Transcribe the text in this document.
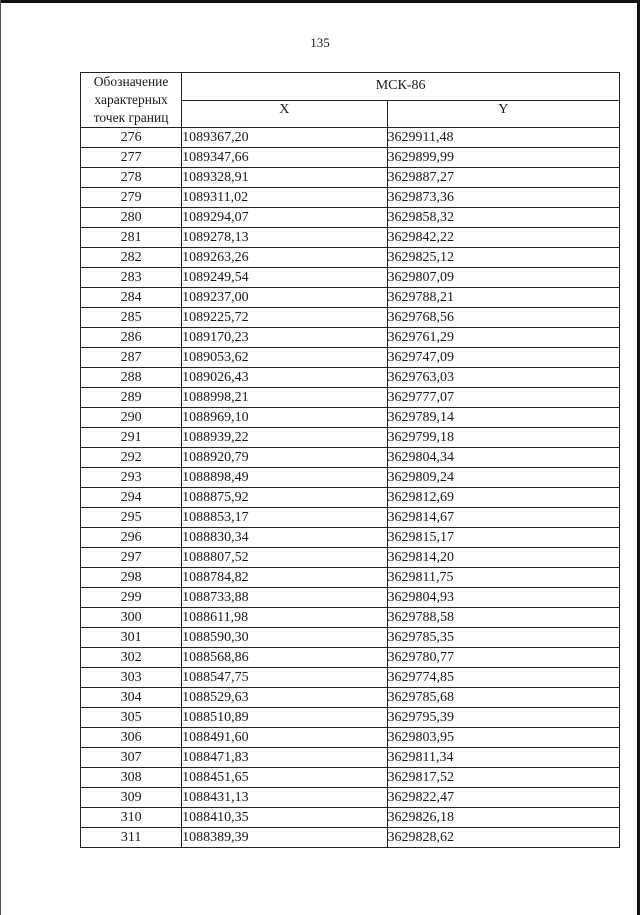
135
Обозначение характерных точек границ	МСК-86	
	X	Y
276	1089367,20	3629911,48
277	1089347,66	3629899,99
278	1089328,91	3629887,27
279	1089311,02	3629873,36
280	1089294,07	3629858,32
281	1089278,13	3629842,22
282	1089263,26	3629825,12
283	1089249,54	3629807,09
284	1089237,00	3629788,21
285	1089225,72	3629768,56
286	1089170,23	3629761,29
287	1089053,62	3629747,09
288	1089026,43	3629763,03
289	1088998,21	3629777,07
290	1088969,10	3629789,14
291	1088939,22	3629799,18
292	1088920,79	3629804,34
293	1088898,49	3629809,24
294	1088875,92	3629812,69
295	1088853,17	3629814,67
296	1088830,34	3629815,17
297	1088807,52	3629814,20
298	1088784,82	3629811,75
299	1088733,88	3629804,93
300	1088611,98	3629788,58
301	1088590,30	3629785,35
302	1088568,86	3629780,77
303	1088547,75	3629774,85
304	1088529,63	3629785,68
305	1088510,89	3629795,39
306	1088491,60	3629803,95
307	1088471,83	3629811,34
308	1088451,65	3629817,52
309	1088431,13	3629822,47
310	1088410,35	3629826,18
311	1088389,39	3629828,62
